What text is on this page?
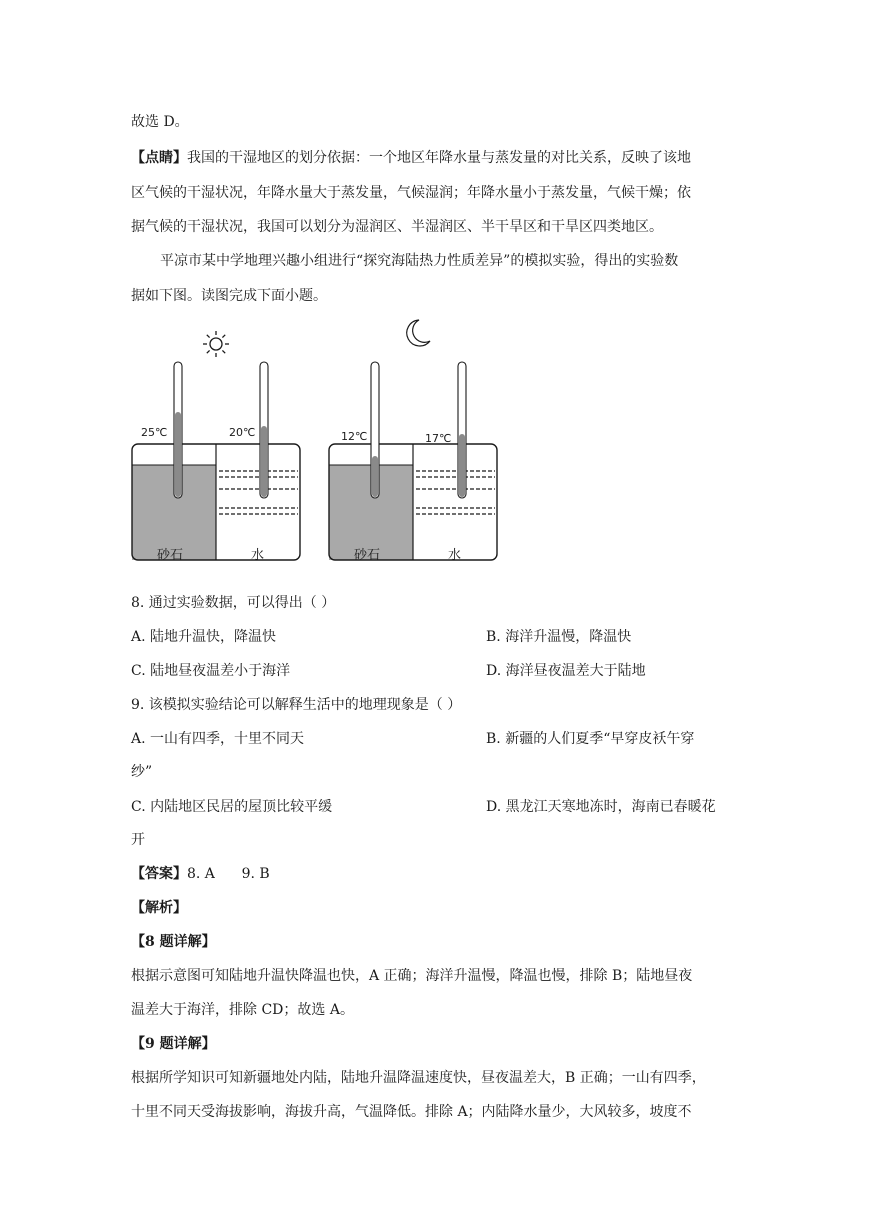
故选 D。
【点睛】我国的干湿地区的划分依据：一个地区年降水量与蒸发量的对比关系，反映了该地
区气候的干湿状况，年降水量大于蒸发量，气候湿润；年降水量小于蒸发量，气候干燥；依
据气候的干湿状况，我国可以划分为湿润区、半湿润区、半干旱区和干旱区四类地区。
平凉市某中学地理兴趣小组进行“探究海陆热力性质差异”的模拟实验，得出的实验数
据如下图。读图完成下面小题。
25℃	20℃
砂石	水
12℃	17℃
砂石	水
8. 通过实验数据，可以得出（ ）
A. 陆地升温快，降温快	B. 海洋升温慢，降温快
C. 陆地昼夜温差小于海洋	D. 海洋昼夜温差大于陆地
9. 该模拟实验结论可以解释生活中的地理现象是（ ）
A. 一山有四季，十里不同天	B. 新疆的人们夏季“早穿皮袄午穿
纱”
C. 内陆地区民居的屋顶比较平缓	D. 黑龙江天寒地冻时，海南已春暖花
开
【答案】8. A      9. B
【解析】
【8 题详解】
根据示意图可知陆地升温快降温也快，A 正确；海洋升温慢，降温也慢，排除 B；陆地昼夜
温差大于海洋，排除 CD；故选 A。
【9 题详解】
根据所学知识可知新疆地处内陆，陆地升温降温速度快，昼夜温差大，B 正确；一山有四季，
十里不同天受海拔影响，海拔升高，气温降低。排除 A；内陆降水量少，大风较多，坡度不
